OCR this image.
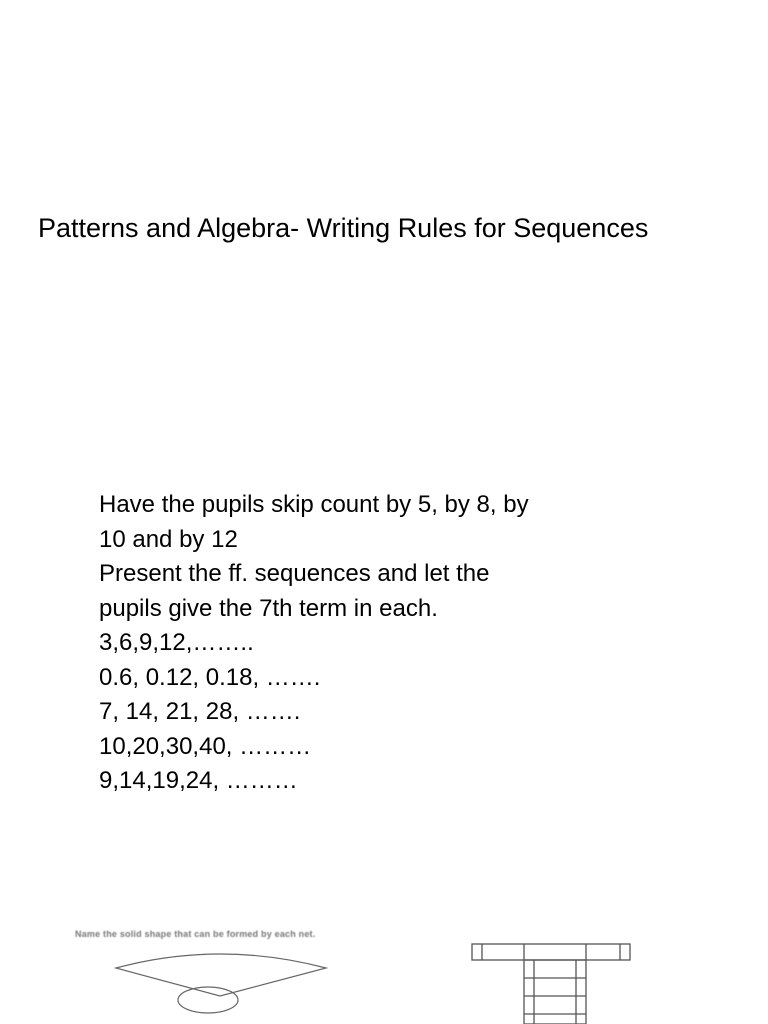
Patterns and Algebra- Writing Rules for Sequences
Have the pupils skip count by 5, by 8, by
10 and by 12
Present the ff. sequences and let the
pupils give the 7th term in each.
3,6,9,12,……..
0.6, 0.12, 0.18, …….
7, 14, 21, 28, …….
10,20,30,40, ………
9,14,19,24, ………
Name the solid shape that can be formed by each net.
